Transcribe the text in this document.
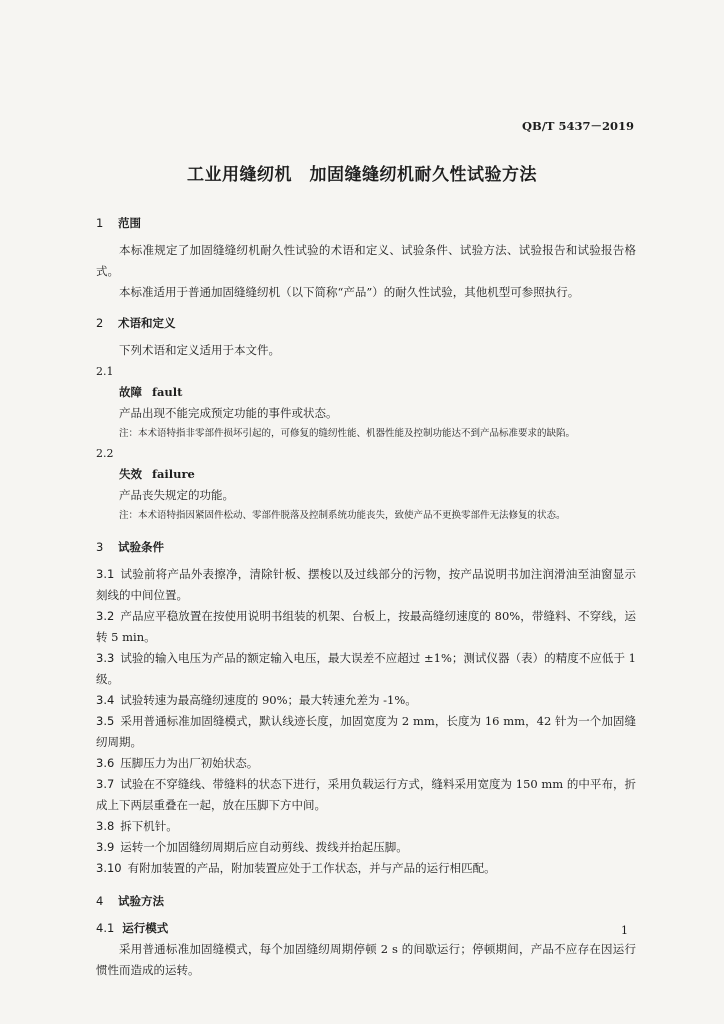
QB/T 5437－2019
工业用缝纫机　加固缝缝纫机耐久性试验方法
1 范围

本标准规定了加固缝缝纫机耐久性试验的术语和定义、试验条件、试验方法、试验报告和试验报告格式。

本标准适用于普通加固缝缝纫机（以下简称“产品”）的耐久性试验，其他机型可参照执行。

2 术语和定义

下列术语和定义适用于本文件。

2.1

故障 fault

产品出现不能完成预定功能的事件或状态。

注：本术语特指非零部件损坏引起的，可修复的缝纫性能、机器性能及控制功能达不到产品标准要求的缺陷。

2.2

失效 failure

产品丧失规定的功能。

注：本术语特指因紧固件松动、零部件脱落及控制系统功能丧失，致使产品不更换零部件无法修复的状态。

3 试验条件

3.1 试验前将产品外表擦净，清除针板、摆梭以及过线部分的污物，按产品说明书加注润滑油至油窗显示刻线的中间位置。

3.2 产品应平稳放置在按使用说明书组装的机架、台板上，按最高缝纫速度的 80%，带缝料、不穿线，运转 5 min。

3.3 试验的输入电压为产品的额定输入电压，最大误差不应超过 ±1%；测试仪器（表）的精度不应低于 1 级。

3.4 试验转速为最高缝纫速度的 90%；最大转速允差为 -1%。

3.5 采用普通标准加固缝模式，默认线迹长度，加固宽度为 2 mm，长度为 16 mm，42 针为一个加固缝纫周期。

3.6 压脚压力为出厂初始状态。

3.7 试验在不穿缝线、带缝料的状态下进行，采用负载运行方式，缝料采用宽度为 150 mm 的中平布，折成上下两层重叠在一起，放在压脚下方中间。

3.8 拆下机针。

3.9 运转一个加固缝纫周期后应自动剪线、拨线并抬起压脚。

3.10 有附加装置的产品，附加装置应处于工作状态，并与产品的运行相匹配。

4 试验方法

4.1 运行模式

采用普通标准加固缝模式，每个加固缝纫周期停顿 2 s 的间歇运行；停顿期间，产品不应存在因运行惯性而造成的运转。

1
